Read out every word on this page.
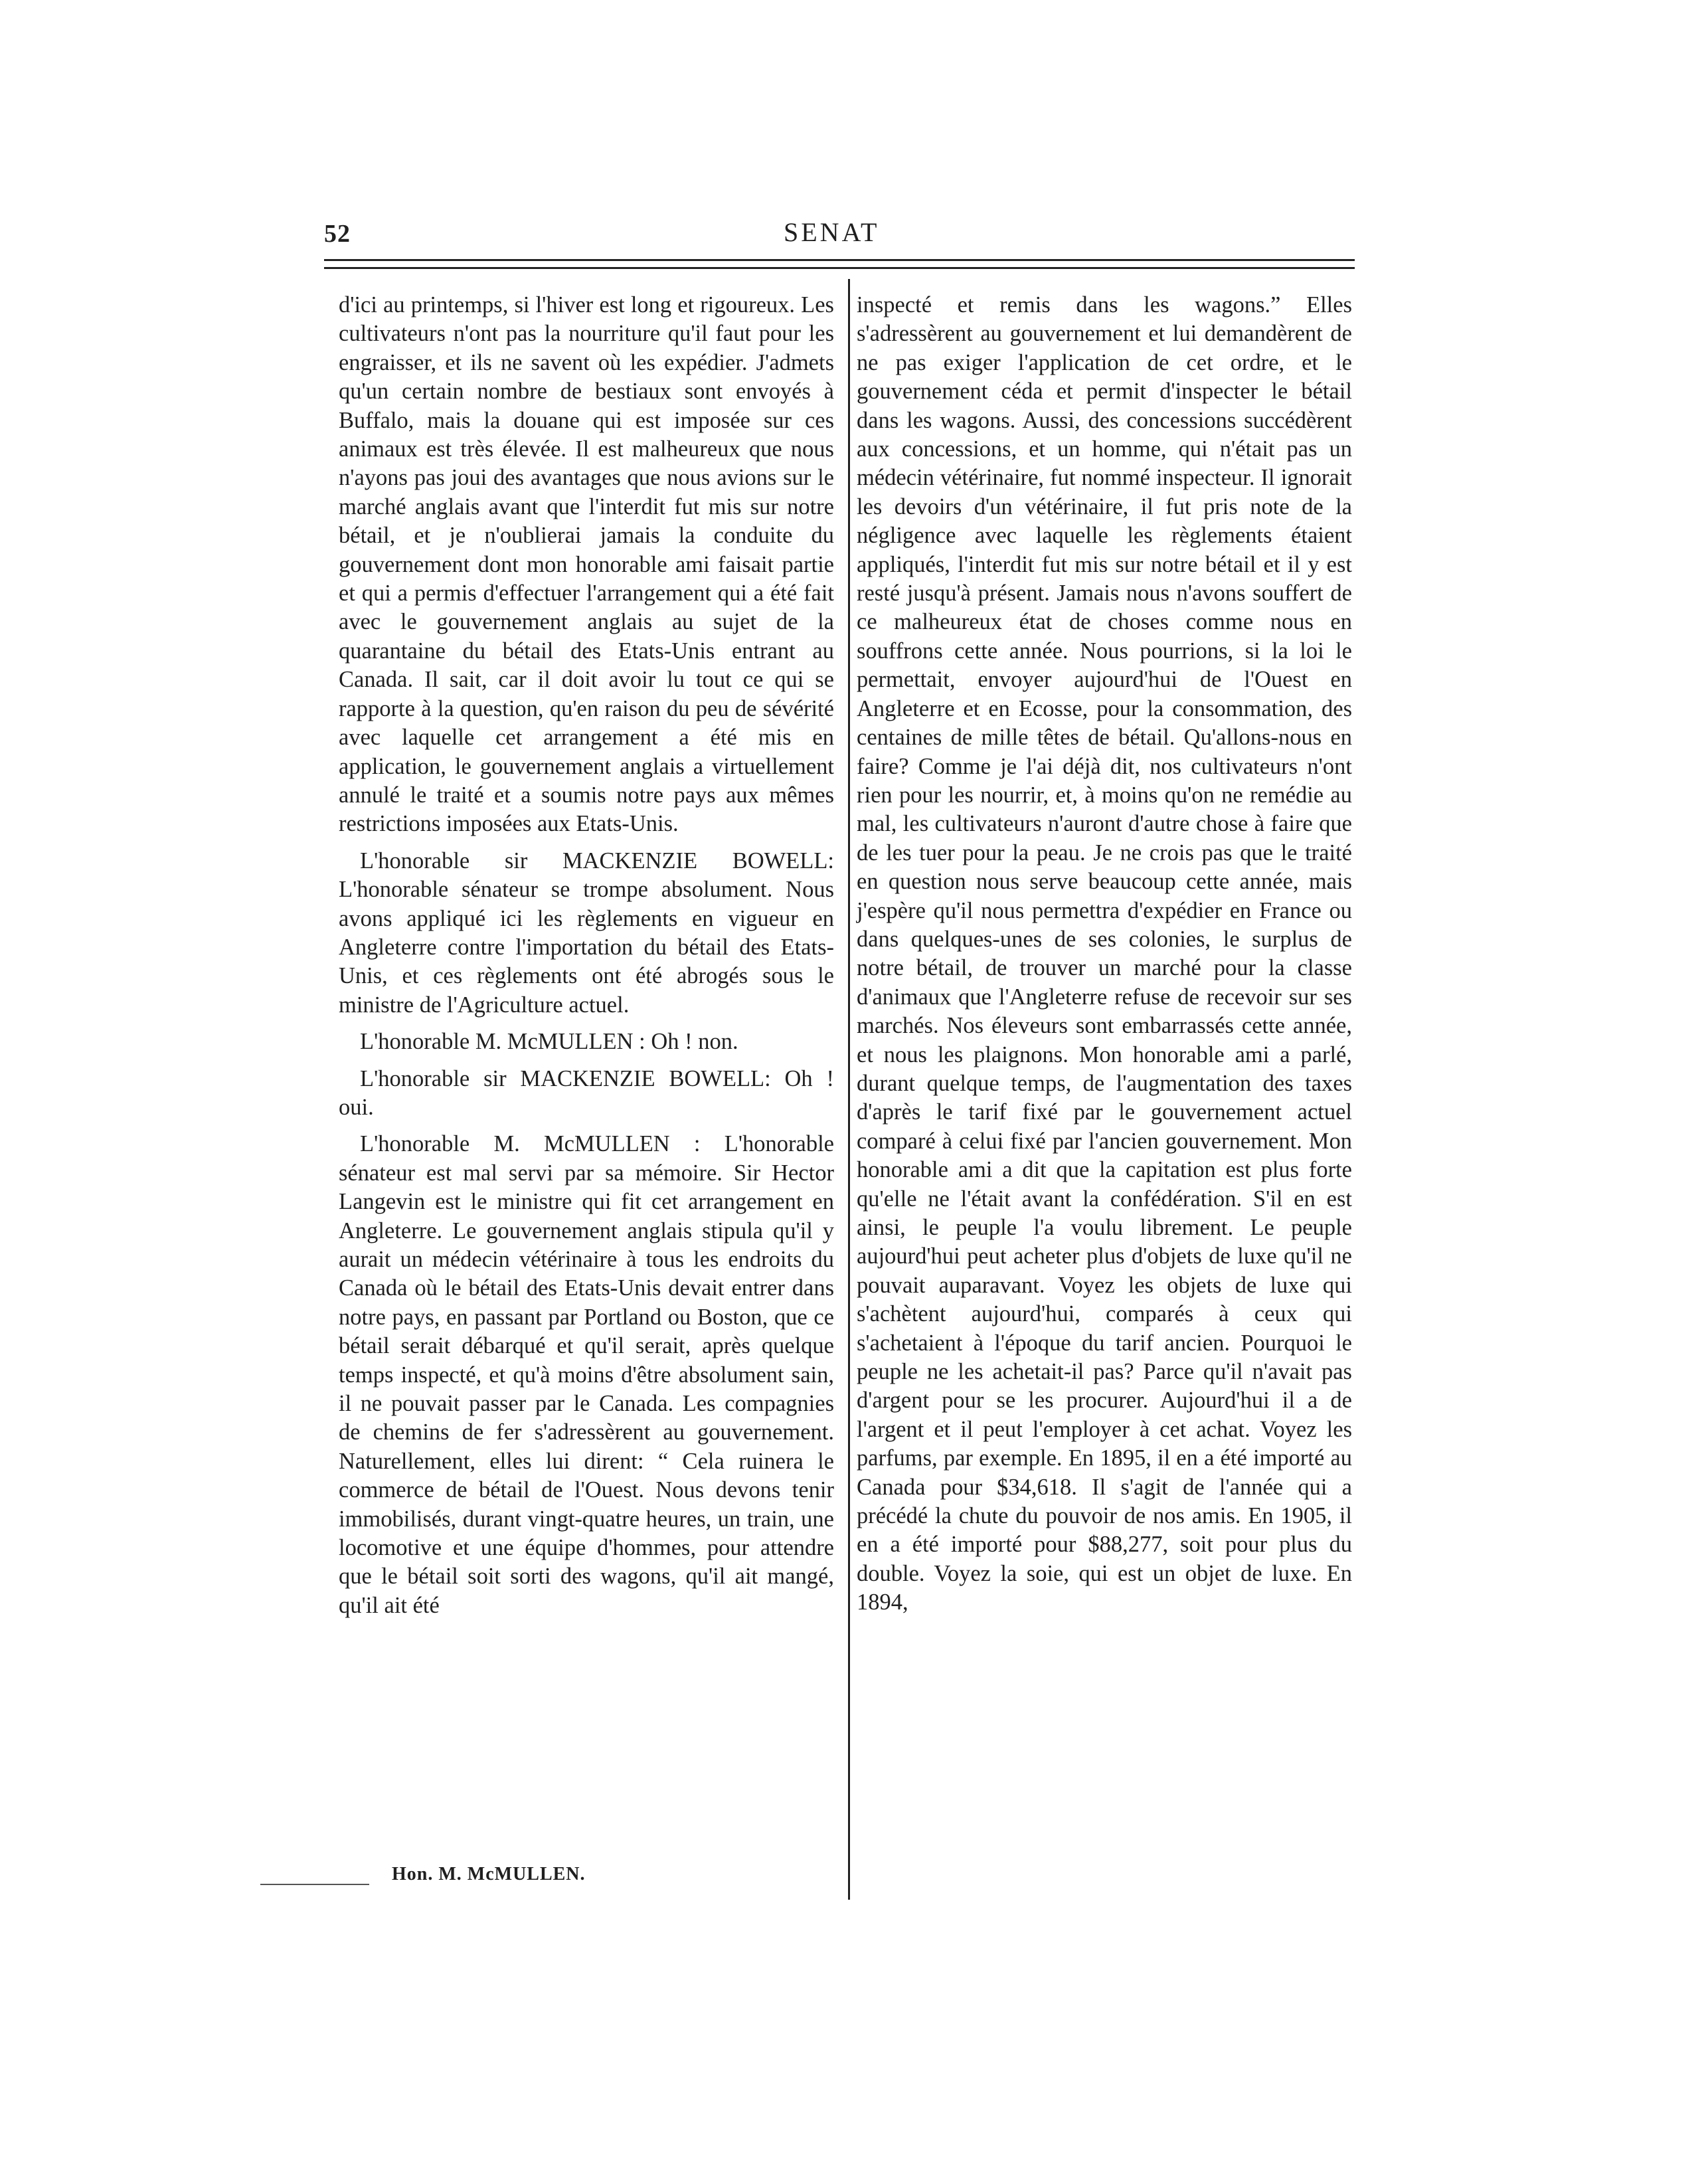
52	SENAT

d'ici au printemps, si l'hiver est long et rigoureux. Les cultivateurs n'ont pas la nourriture qu'il faut pour les engraisser, et ils ne savent où les expédier. J'admets qu'un certain nombre de bestiaux sont envoyés à Buffalo, mais la douane qui est imposée sur ces animaux est très élevée. Il est malheureux que nous n'ayons pas joui des avantages que nous avions sur le marché anglais avant que l'interdit fut mis sur notre bétail, et je n'oublierai jamais la conduite du gouvernement dont mon honorable ami faisait partie et qui a permis d'effectuer l'arrangement qui a été fait avec le gouvernement anglais au sujet de la quarantaine du bétail des Etats-Unis entrant au Canada. Il sait, car il doit avoir lu tout ce qui se rapporte à la question, qu'en raison du peu de sévérité avec laquelle cet arrangement a été mis en application, le gouvernement anglais a virtuellement annulé le traité et a soumis notre pays aux mêmes restrictions imposées aux Etats-Unis.

L'honorable sir MACKENZIE BOWELL: L'honorable sénateur se trompe absolument. Nous avons appliqué ici les règlements en vigueur en Angleterre contre l'importation du bétail des Etats-Unis, et ces règlements ont été abrogés sous le ministre de l'Agriculture actuel.

L'honorable M. McMULLEN : Oh ! non.

L'honorable sir MACKENZIE BOWELL: Oh ! oui.

L'honorable M. McMULLEN : L'honorable sénateur est mal servi par sa mémoire. Sir Hector Langevin est le ministre qui fit cet arrangement en Angleterre. Le gouvernement anglais stipula qu'il y aurait un médecin vétérinaire à tous les endroits du Canada où le bétail des Etats-Unis devait entrer dans notre pays, en passant par Portland ou Boston, que ce bétail serait débarqué et qu'il serait, après quelque temps inspecté, et qu'à moins d'être absolument sain, il ne pouvait passer par le Canada. Les compagnies de chemins de fer s'adressèrent au gouvernement. Naturellement, elles lui dirent: “ Cela ruinera le commerce de bétail de l'Ouest. Nous devons tenir immobilisés, durant vingt-quatre heures, un train, une locomotive et une équipe d'hommes, pour attendre que le bétail soit sorti des wagons, qu'il ait mangé, qu'il ait été

inspecté et remis dans les wagons.” Elles s'adressèrent au gouvernement et lui demandèrent de ne pas exiger l'application de cet ordre, et le gouvernement céda et permit d'inspecter le bétail dans les wagons. Aussi, des concessions succédèrent aux concessions, et un homme, qui n'était pas un médecin vétérinaire, fut nommé inspecteur. Il ignorait les devoirs d'un vétérinaire, il fut pris note de la négligence avec laquelle les règlements étaient appliqués, l'interdit fut mis sur notre bétail et il y est resté jusqu'à présent. Jamais nous n'avons souffert de ce malheureux état de choses comme nous en souffrons cette année. Nous pourrions, si la loi le permettait, envoyer aujourd'hui de l'Ouest en Angleterre et en Ecosse, pour la consommation, des centaines de mille têtes de bétail. Qu'allons-nous en faire? Comme je l'ai déjà dit, nos cultivateurs n'ont rien pour les nourrir, et, à moins qu'on ne remédie au mal, les cultivateurs n'auront d'autre chose à faire que de les tuer pour la peau. Je ne crois pas que le traité en question nous serve beaucoup cette année, mais j'espère qu'il nous permettra d'expédier en France ou dans quelques-unes de ses colonies, le surplus de notre bétail, de trouver un marché pour la classe d'animaux que l'Angleterre refuse de recevoir sur ses marchés. Nos éleveurs sont embarrassés cette année, et nous les plaignons. Mon honorable ami a parlé, durant quelque temps, de l'augmentation des taxes d'après le tarif fixé par le gouvernement actuel comparé à celui fixé par l'ancien gouvernement. Mon honorable ami a dit que la capitation est plus forte qu'elle ne l'était avant la confédération. S'il en est ainsi, le peuple l'a voulu librement. Le peuple aujourd'hui peut acheter plus d'objets de luxe qu'il ne pouvait auparavant. Voyez les objets de luxe qui s'achètent aujourd'hui, comparés à ceux qui s'achetaient à l'époque du tarif ancien. Pourquoi le peuple ne les achetait-il pas? Parce qu'il n'avait pas d'argent pour se les procurer. Aujourd'hui il a de l'argent et il peut l'employer à cet achat. Voyez les parfums, par exemple. En 1895, il en a été importé au Canada pour $34,618. Il s'agit de l'année qui a précédé la chute du pouvoir de nos amis. En 1905, il en a été importé pour $88,277, soit pour plus du double. Voyez la soie, qui est un objet de luxe. En 1894,

Hon. M. McMULLEN.
